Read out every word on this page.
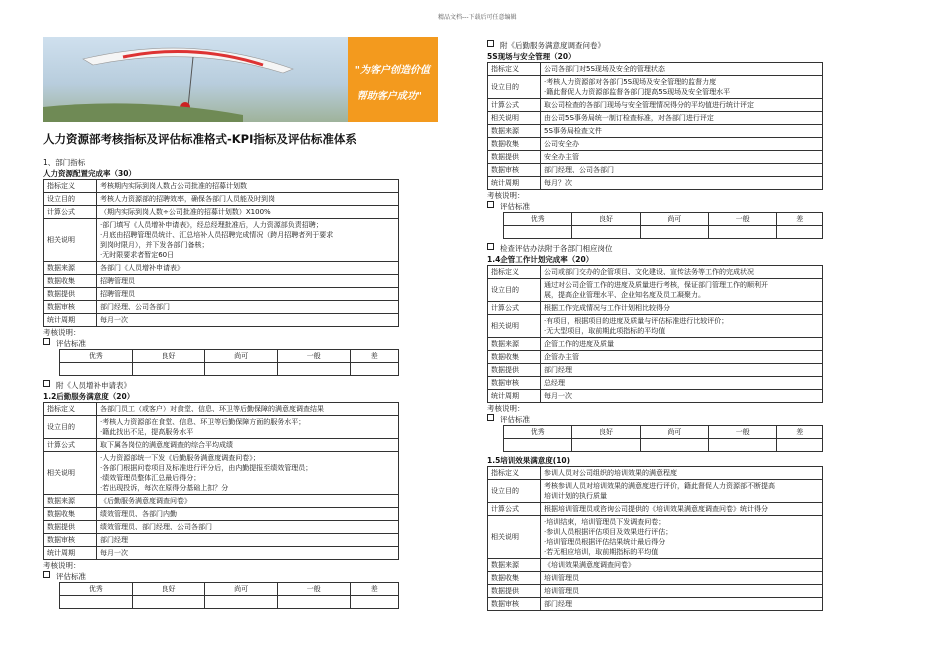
精品文档---下载后可任意编辑
"为客户创造价值
帮助客户成功"
人力资源部考核指标及评估标准格式-KPI指标及评估标准体系
1、部门指标
人力资源配置完成率（30）
指标定义	考核期内实际到岗人数占公司批准的招募计划数
设立目的	考核人力资源部的招聘效率，确保各部门人员能及时到岗
计算公式	（期内实际到岗人数÷公司批准的招募计划数）X100%
相关说明	·部门填写《人员增补申请表》，经总经理批准后，人力资源部负责招聘；
·月底由招聘管理员统计、汇总培补人员招聘完成情况（跨月招聘者列于要求
到岗时限月），并下发各部门备核；
·无时限要求者暂定60日
数据来源	各部门《人员增补申请表》
数据收集	招聘管理员
数据提供	招聘管理员
数据审核	部门经理、公司各部门
统计周期	每月一次
考核说明：
评估标准
优秀	良好	尚可	一般	差

附《人员增补申请表》
1.2后勤服务满意度（20）
指标定义	各部门员工（或客户）对食堂、信息、环卫等后勤保障的满意度调查结果
设立目的	·考核人力资源部在食堂、信息、环卫等后勤保障方面的服务水平；
·籍此找出不足，提高服务水平
计算公式	取下属各岗位的满意度调查的综合平均成绩
相关说明	·人力资源部统一下发《后勤服务满意度调查问卷》；
·各部门根据问卷项目及标准进行评分后，由内勤提报至绩效管理员；
·绩效管理员整体汇总最后得分；
·若出现投诉，每次在原得分基础上扣？分
数据来源	《后勤服务满意度调查问卷》
数据收集	绩效管理员、各部门内勤
数据提供	绩效管理员、部门经理、公司各部门
数据审核	部门经理
统计周期	每月一次
考核说明：
评估标准
优秀	良好	尚可	一般	差

附《后勤服务满意度调查问卷》
5S现场与安全管理（20）
指标定义	公司各部门对5S现场及安全的管理状态
设立目的	·考核人力资源部对各部门5S现场及安全管理的监督力度
·籍此督促人力资源部监督各部门提高5S现场及安全管理水平
计算公式	取公司检查的各部门现场与安全管理情况得分的平均值进行统计评定
相关说明	由公司5S事务局统一制订检查标准，对各部门进行评定
数据来源	5S事务局检查文件
数据收集	公司安全办
数据提供	安全办主管
数据审核	部门经理、公司各部门
统计周期	每月？次
考核说明：
评估标准
优秀	良好	尚可	一般	差

检查评估办法附于各部门相应岗位
1.4企管工作计划完成率（20）
指标定义	公司或部门交办的企管项目、文化建设、宣传法务等工作的完成状况
设立目的	通过对公司企管工作的进度及质量进行考核，保证部门管理工作的顺利开
展，提高企业管理水平、企业知名度及员工凝聚力。
计算公式	根据工作完成情况与工作计划相比较得分
相关说明	·有项目，根据项目的进度及质量与评估标准进行比较评价；
·无大型项目，取前期此项指标的平均值
数据来源	企管工作的进度及质量
数据收集	企管办主管
数据提供	部门经理
数据审核	总经理
统计周期	每月一次
考核说明：
评估标准
优秀	良好	尚可	一般	差

1.5培训效果满意度(10)
指标定义	参训人员对公司组织的培训效果的满意程度
设立目的	考核参训人员对培训效果的满意度进行评价，籍此督促人力资源部不断提高
培训计划的执行质量
计算公式	根据培训管理员或咨询公司提供的《培训效果满意度调查问卷》统计得分
相关说明	·培训结束，培训管理员下发调查问卷；
·参训人员根据评估项目及效果进行评估；
·培训管理员根据评估结果统计最后得分
·若无相应培训，取前期指标的平均值
数据来源	《培训效果满意度调查问卷》
数据收集	培训管理员
数据提供	培训管理员
数据审核	部门经理
